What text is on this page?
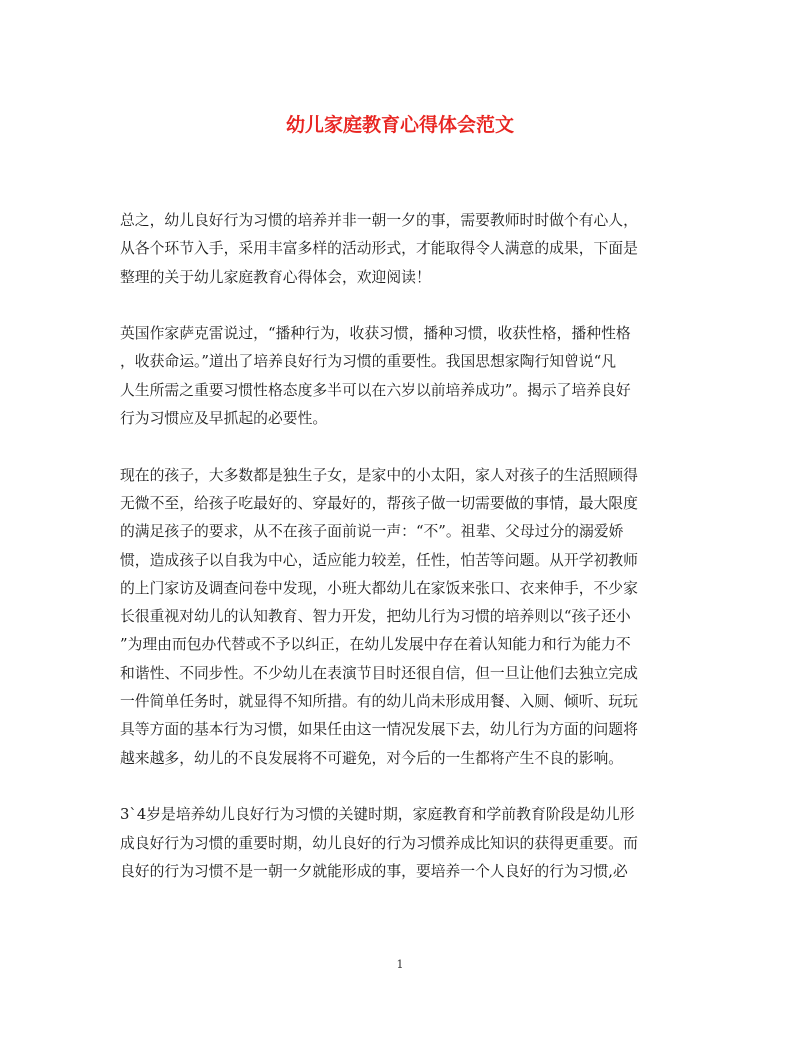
幼儿家庭教育心得体会范文

总之，幼儿良好行为习惯的培养并非一朝一夕的事，需要教师时时做个有心人，
从各个环节入手，采用丰富多样的活动形式，才能取得令人满意的成果，下面是
整理的关于幼儿家庭教育心得体会，欢迎阅读！

英国作家萨克雷说过，“播种行为，收获习惯，播种习惯，收获性格，播种性格
，收获命运。”道出了培养良好行为习惯的重要性。我国思想家陶行知曾说“凡
人生所需之重要习惯性格态度多半可以在六岁以前培养成功”。揭示了培养良好
行为习惯应及早抓起的必要性。

现在的孩子，大多数都是独生子女，是家中的小太阳，家人对孩子的生活照顾得
无微不至，给孩子吃最好的、穿最好的，帮孩子做一切需要做的事情，最大限度
的满足孩子的要求，从不在孩子面前说一声：“不”。祖辈、父母过分的溺爱娇
惯，造成孩子以自我为中心，适应能力较差，任性，怕苦等问题。从开学初教师
的上门家访及调查问卷中发现，小班大都幼儿在家饭来张口、衣来伸手，不少家
长很重视对幼儿的认知教育、智力开发，把幼儿行为习惯的培养则以“孩子还小
”为理由而包办代替或不予以纠正，在幼儿发展中存在着认知能力和行为能力不
和谐性、不同步性。不少幼儿在表演节目时还很自信，但一旦让他们去独立完成
一件简单任务时，就显得不知所措。有的幼儿尚未形成用餐、入厕、倾听、玩玩
具等方面的基本行为习惯，如果任由这一情况发展下去，幼儿行为方面的问题将
越来越多，幼儿的不良发展将不可避免，对今后的一生都将产生不良的影响。

3`4岁是培养幼儿良好行为习惯的关键时期，家庭教育和学前教育阶段是幼儿形
成良好行为习惯的重要时期，幼儿良好的行为习惯养成比知识的获得更重要。而
良好的行为习惯不是一朝一夕就能形成的事，要培养一个人良好的行为习惯,必

1
